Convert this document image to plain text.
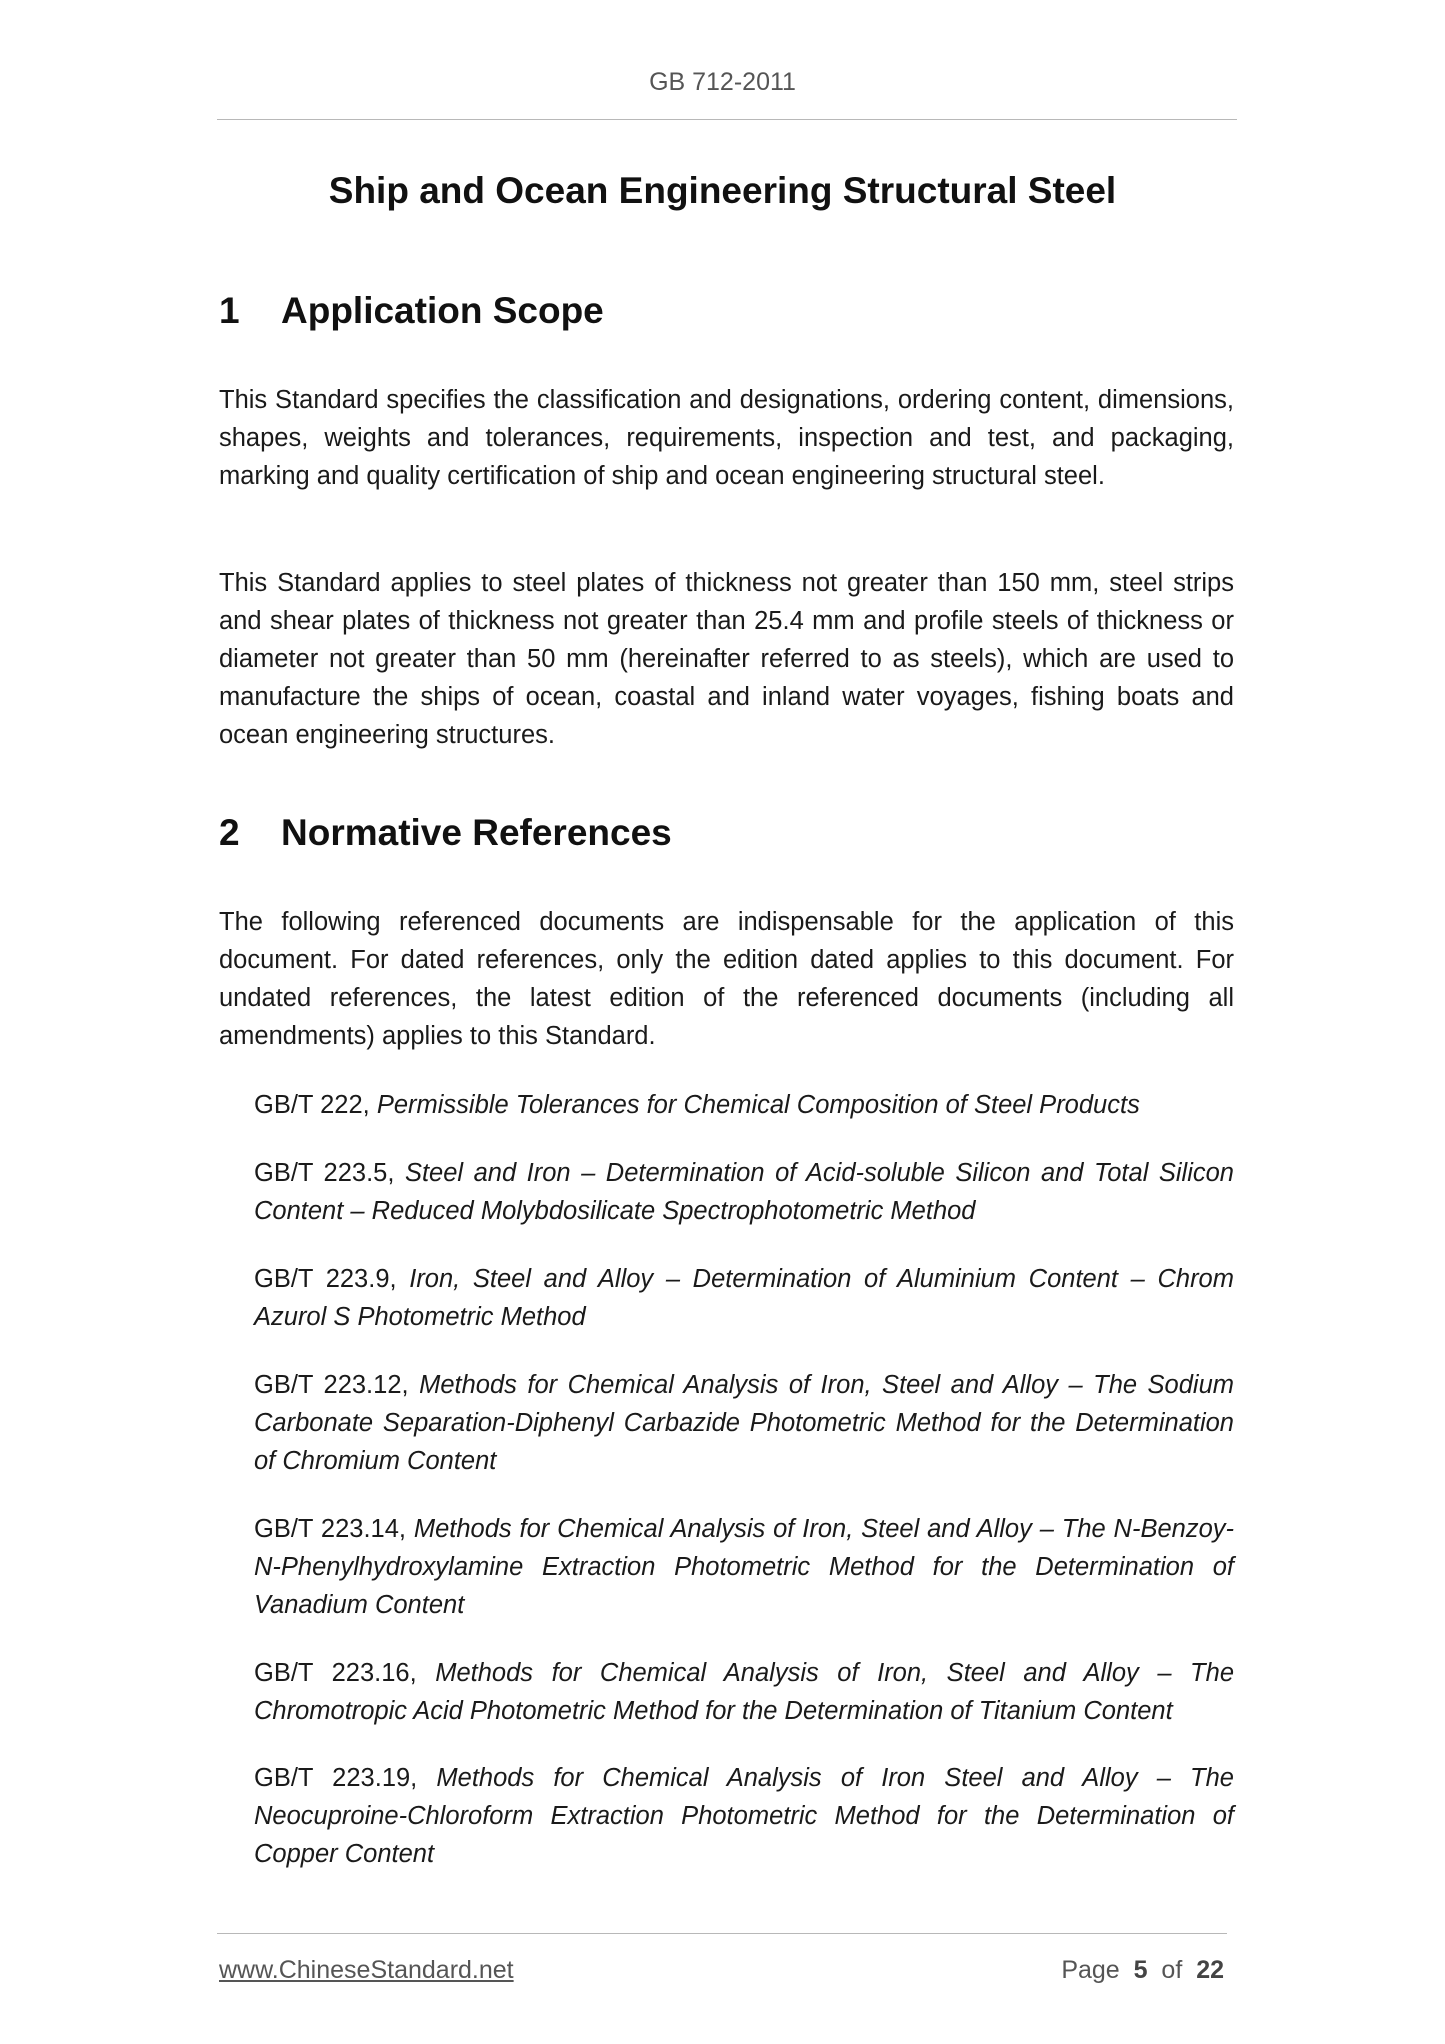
GB 712-2011
Ship and Ocean Engineering Structural Steel
1 Application Scope

This Standard specifies the classification and designations, ordering content, dimensions, shapes, weights and tolerances, requirements, inspection and test, and packaging, marking and quality certification of ship and ocean engineering structural steel.

This Standard applies to steel plates of thickness not greater than 150 mm, steel strips and shear plates of thickness not greater than 25.4 mm and profile steels of thickness or diameter not greater than 50 mm (hereinafter referred to as steels), which are used to manufacture the ships of ocean, coastal and inland water voyages, fishing boats and ocean engineering structures.

2 Normative References

The following referenced documents are indispensable for the application of this document. For dated references, only the edition dated applies to this document. For undated references, the latest edition of the referenced documents (including all amendments) applies to this Standard.

GB/T 222, Permissible Tolerances for Chemical Composition of Steel Products

GB/T 223.5, Steel and Iron – Determination of Acid-soluble Silicon and Total Silicon Content – Reduced Molybdosilicate Spectrophotometric Method

GB/T 223.9, Iron, Steel and Alloy – Determination of Aluminium Content – Chrom Azurol S Photometric Method

GB/T 223.12, Methods for Chemical Analysis of Iron, Steel and Alloy – The Sodium Carbonate Separation-Diphenyl Carbazide Photometric Method for the Determination of Chromium Content

GB/T 223.14, Methods for Chemical Analysis of Iron, Steel and Alloy – The N-Benzoy-N-Phenylhydroxylamine Extraction Photometric Method for the Determination of Vanadium Content

GB/T 223.16, Methods for Chemical Analysis of Iron, Steel and Alloy – The Chromotropic Acid Photometric Method for the Determination of Titanium Content

GB/T 223.19, Methods for Chemical Analysis of Iron Steel and Alloy – The Neocuproine-Chloroform Extraction Photometric Method for the Determination of Copper Content

www.ChineseStandard.net	Page 5 of 22
